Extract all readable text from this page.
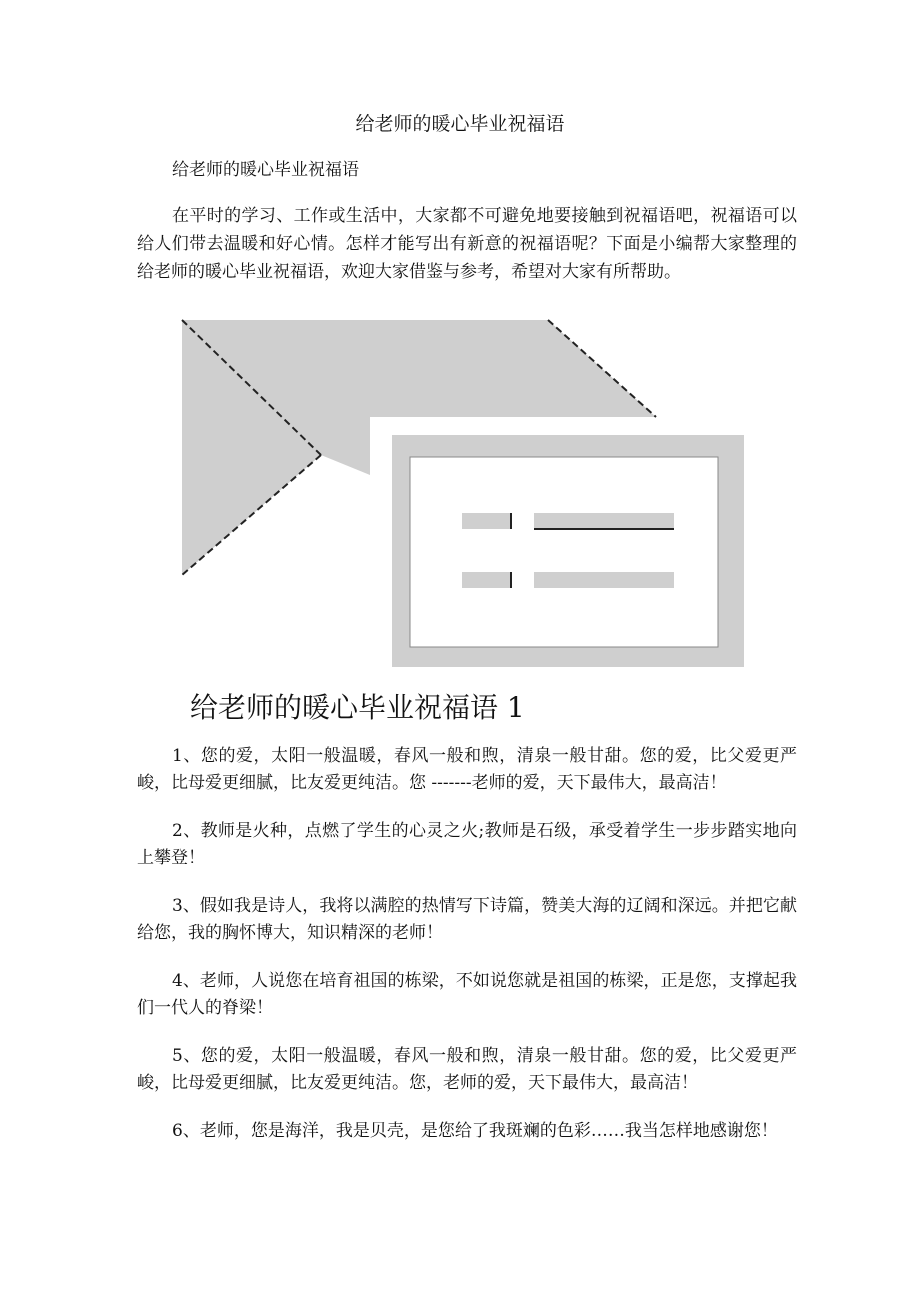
给老师的暖心毕业祝福语
给老师的暖心毕业祝福语

在平时的学习、工作或生活中，大家都不可避免地要接触到祝福语吧，祝福语可以给人们带去温暖和好心情。怎样才能写出有新意的祝福语呢？下面是小编帮大家整理的给老师的暖心毕业祝福语，欢迎大家借鉴与参考，希望对大家有所帮助。

给老师的暖心毕业祝福语 1
1、您的爱，太阳一般温暖，春风一般和煦，清泉一般甘甜。您的爱，比父爱更严峻，比母爱更细腻，比友爱更纯洁。您 -------老师的爱，天下最伟大，最高洁！
2、教师是火种，点燃了学生的心灵之火;教师是石级，承受着学生一步步踏实地向上攀登！
3、假如我是诗人，我将以满腔的热情写下诗篇，赞美大海的辽阔和深远。并把它献给您，我的胸怀博大，知识精深的老师！
4、老师，人说您在培育祖国的栋梁，不如说您就是祖国的栋梁，正是您，支撑起我们一代人的脊梁！
5、您的爱，太阳一般温暖，春风一般和煦，清泉一般甘甜。您的爱，比父爱更严峻，比母爱更细腻，比友爱更纯洁。您，老师的爱，天下最伟大，最高洁！
6、老师，您是海洋，我是贝壳，是您给了我斑斓的色彩……我当怎样地感谢您！
